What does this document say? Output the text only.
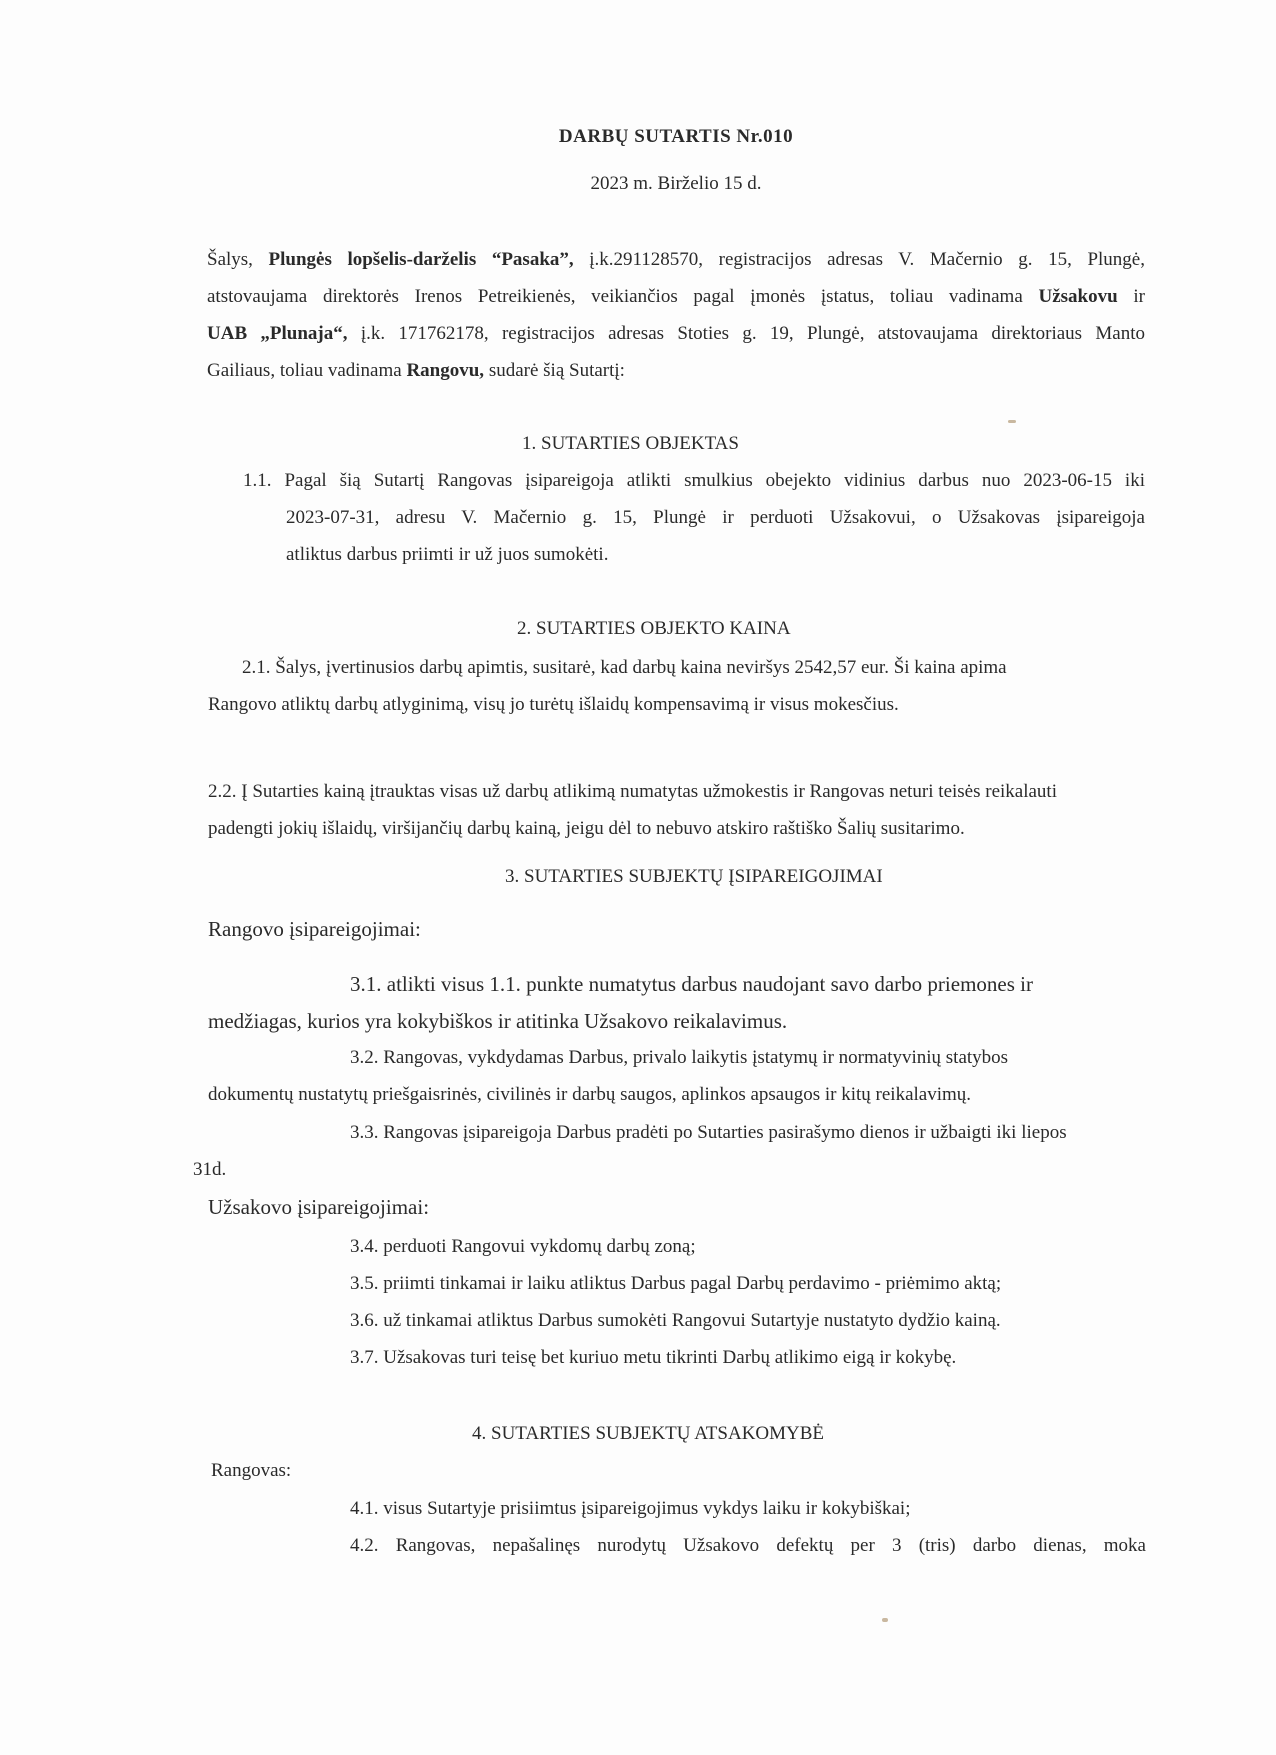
DARBŲ SUTARTIS Nr.010
2023 m. Birželio 15 d.
Šalys, Plungės lopšelis-darželis “Pasaka”, į.k.291128570, registracijos adresas V. Mačernio g. 15, Plungė,
atstovaujama direktorės Irenos Petreikienės, veikiančios pagal įmonės įstatus, toliau vadinama Užsakovu ir
UAB „Plunaja“, į.k. 171762178, registracijos adresas Stoties g. 19, Plungė, atstovaujama direktoriaus Manto
Gailiaus, toliau vadinama Rangovu, sudarė šią Sutartį:
1. SUTARTIES OBJEKTAS
1.1. Pagal šią Sutartį Rangovas įsipareigoja atlikti smulkius obejekto vidinius darbus nuo 2023-06-15 iki
2023-07-31, adresu V. Mačernio g. 15, Plungė ir perduoti Užsakovui, o Užsakovas įsipareigoja
atliktus darbus priimti ir už juos sumokėti.
2. SUTARTIES OBJEKTO KAINA
2.1. Šalys, įvertinusios darbų apimtis, susitarė, kad darbų kaina neviršys 2542,57 eur. Ši kaina apima
Rangovo atliktų darbų atlyginimą, visų jo turėtų išlaidų kompensavimą ir visus mokesčius.
2.2. Į Sutarties kainą įtrauktas visas už darbų atlikimą numatytas užmokestis ir Rangovas neturi teisės reikalauti
padengti jokių išlaidų, viršijančių darbų kainą, jeigu dėl to nebuvo atskiro raštiško Šalių susitarimo.
3. SUTARTIES SUBJEKTŲ ĮSIPAREIGOJIMAI
Rangovo įsipareigojimai:
3.1. atlikti visus 1.1. punkte numatytus darbus naudojant savo darbo priemones ir
medžiagas, kurios yra kokybiškos ir atitinka Užsakovo reikalavimus.
3.2. Rangovas, vykdydamas Darbus, privalo laikytis įstatymų ir normatyvinių statybos
dokumentų nustatytų priešgaisrinės, civilinės ir darbų saugos, aplinkos apsaugos ir kitų reikalavimų.
3.3. Rangovas įsipareigoja Darbus pradėti po Sutarties pasirašymo dienos ir užbaigti iki liepos
31d.
Užsakovo įsipareigojimai:
3.4. perduoti Rangovui vykdomų darbų zoną;
3.5. priimti tinkamai ir laiku atliktus Darbus pagal Darbų perdavimo - priėmimo aktą;
3.6. už tinkamai atliktus Darbus sumokėti Rangovui Sutartyje nustatyto dydžio kainą.
3.7. Užsakovas turi teisę bet kuriuo metu tikrinti Darbų atlikimo eigą ir kokybę.
4. SUTARTIES SUBJEKTŲ ATSAKOMYBĖ
Rangovas:
4.1. visus Sutartyje prisiimtus įsipareigojimus vykdys laiku ir kokybiškai;
4.2. Rangovas, nepašalinęs nurodytų Užsakovo defektų per 3 (tris) darbo dienas, moka
